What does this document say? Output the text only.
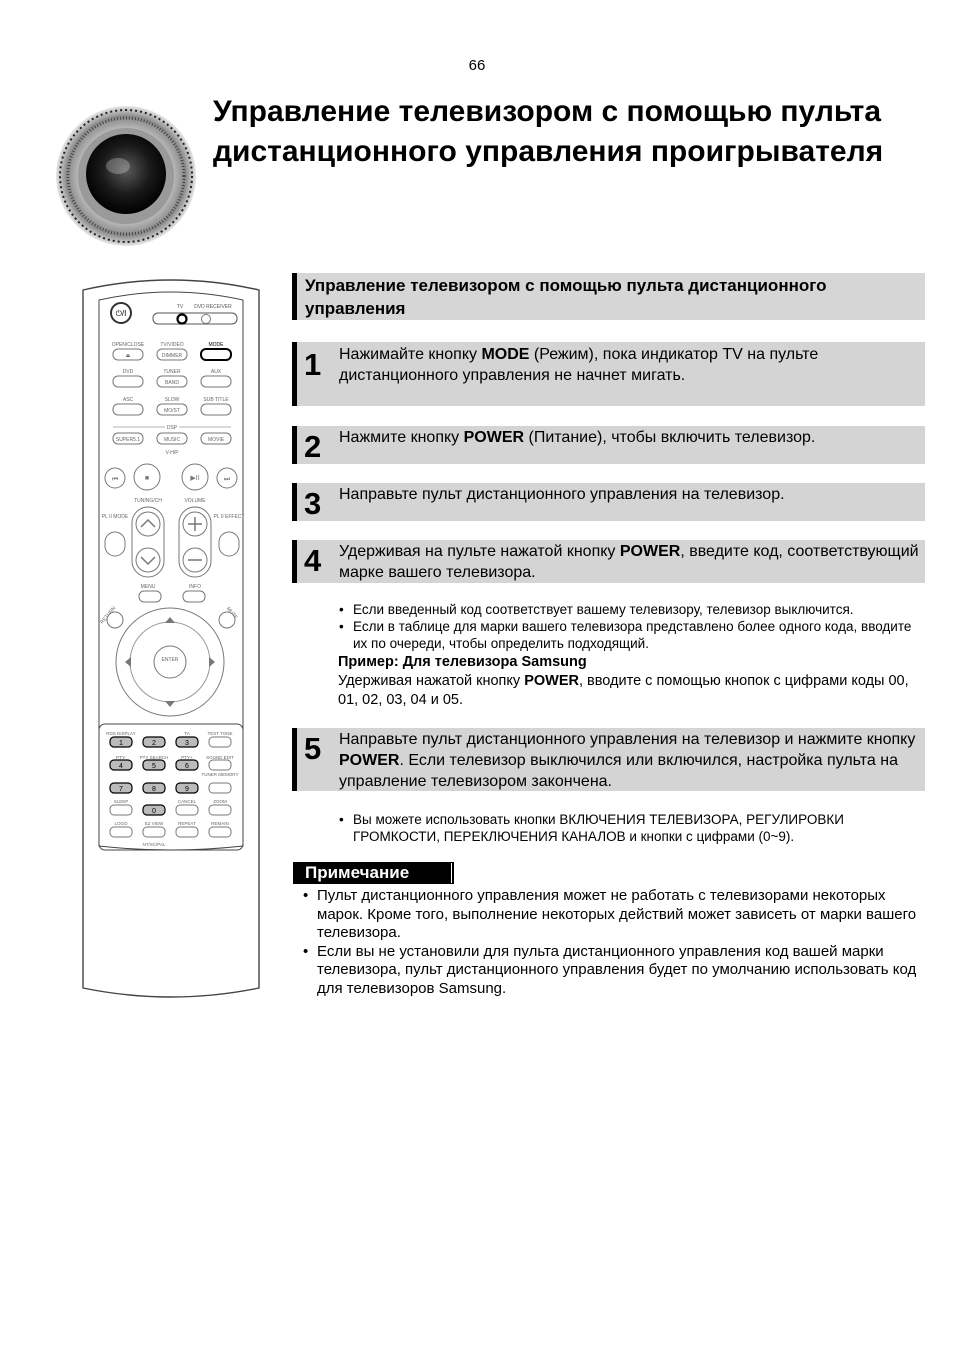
66
Управление телевизором с помощью пульта
дистанционного управления проигрывателя
⏻/I
TV DVD RECEIVER
OPEN/CLOSE	TV/VIDEO	MODE
⏏	DIMMER
DVD	TUNER	AUX
BAND
ASC	SLOW	SUB TITLE
MO/ST
DSP
SUPER5.1	MUSIC	MOVIE
V-H/P
⏮	■	▶II	⏭
TUNING/CH	VOLUME
PL II MODE	PL II EFFECT
MENU	INFO
ENTER
RDS DISPLAY	TA	TEST TONE
PTY-	PTY SEARCH	PTY+	SOUND EDIT
TUNER MEMORY
SLEEP	CANCEL	ZOOM
LOGO	EZ VIEW	REPEAT	REMAIN
NT/SC/PAL
1	2	3
4	5	6
7	8	9
0
Управление телевизором с помощью пульта дистанционного управления
1 Нажимайте кнопку MODE (Режим), пока индикатор TV на пульте дистанционного управления не начнет мигать.
2 Нажмите кнопку POWER (Питание), чтобы включить телевизор.
3 Направьте пульт дистанционного управления на телевизор.
4 Удерживая на пульте нажатой кнопку POWER, введите код, соответствующий марке вашего телевизора.
• Если введенный код соответствует вашему телевизору, телевизор выключится.
• Если в таблице для марки вашего телевизора представлено более одного кода, вводите их по очереди, чтобы определить подходящий.
Пример: Для телевизора Samsung
Удерживая нажатой кнопку POWER, вводите с помощью кнопок с цифрами коды 00, 01, 02, 03, 04 и 05.
5 Направьте пульт дистанционного управления на телевизор и нажмите кнопку POWER. Если телевизор выключился или включился, настройка пульта на управление телевизором закончена.
• Вы можете использовать кнопки ВКЛЮЧЕНИЯ ТЕЛЕВИЗОРА, РЕГУЛИРОВКИ ГРОМКОСТИ, ПЕРЕКЛЮЧЕНИЯ КАНАЛОВ и кнопки с цифрами (0~9).
Примечание
• Пульт дистанционного управления может не работать с телевизорами некоторых марок. Кроме того, выполнение некоторых действий может зависеть от марки вашего телевизора.
• Если вы не установили для пульта дистанционного управления код вашей марки телевизора, пульт дистанционного управления будет по умолчанию использовать код для телевизоров Samsung.
